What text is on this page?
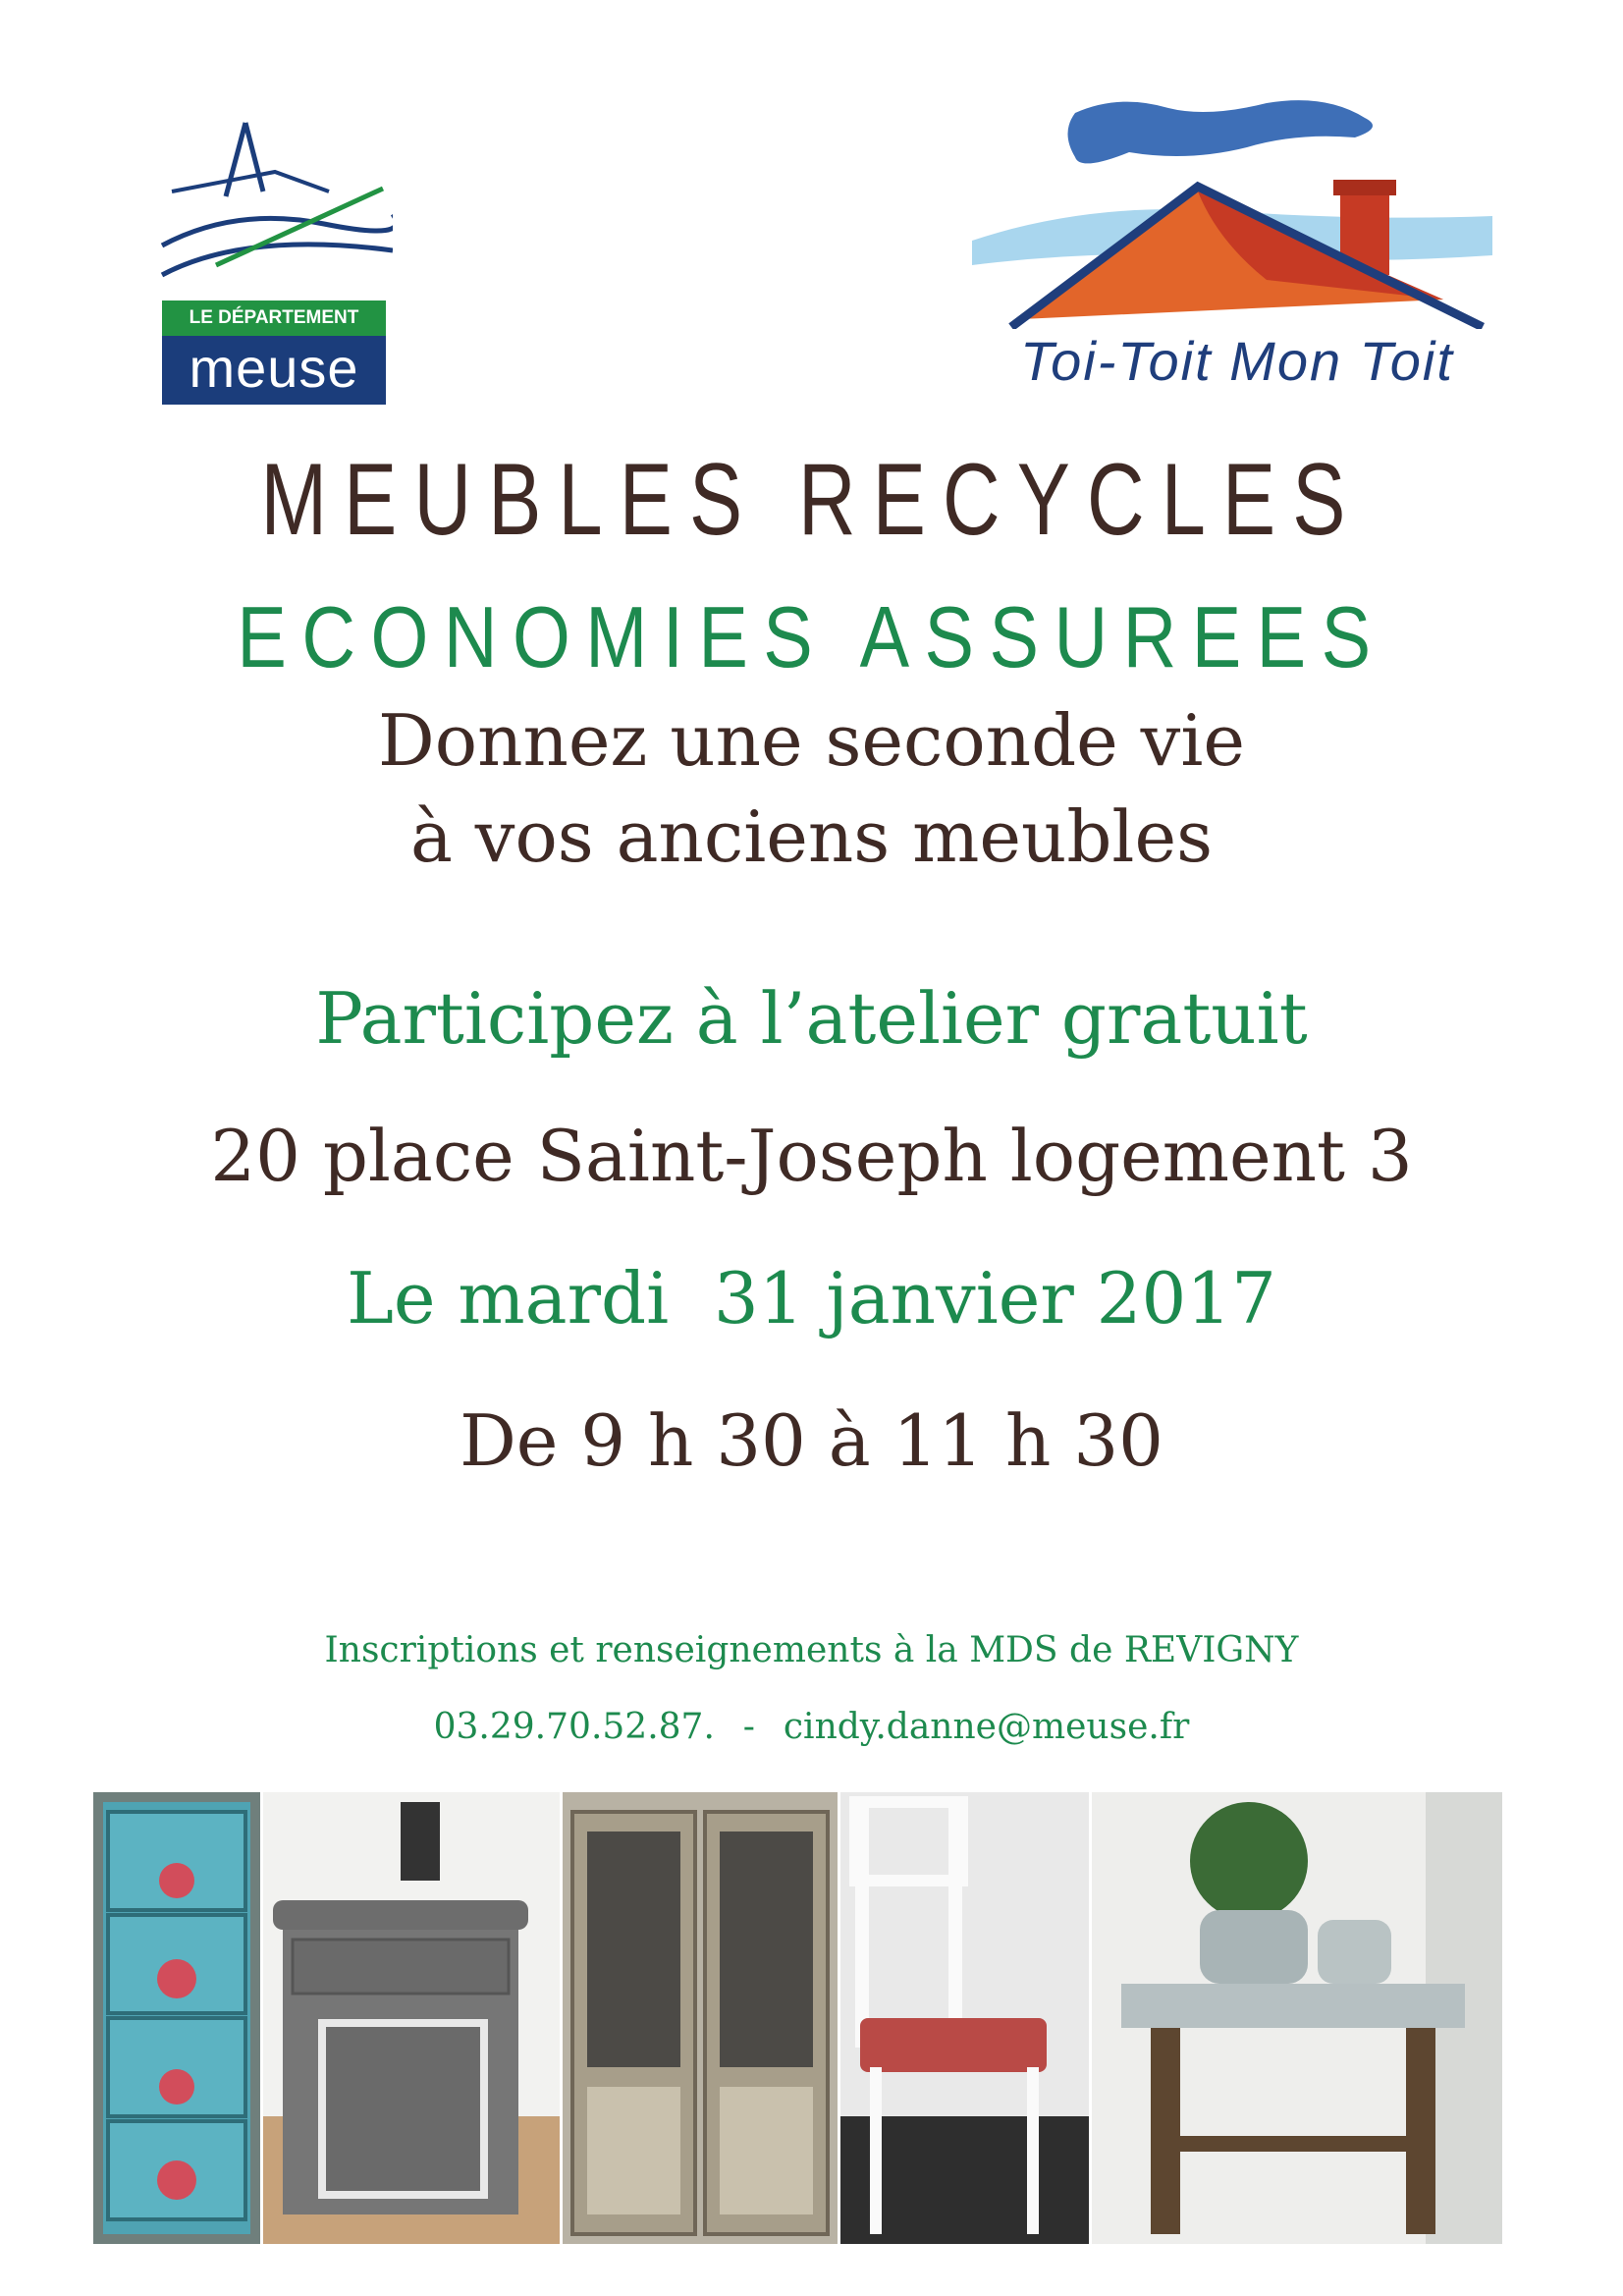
LE DÉPARTEMENT
meuse	Toi-Toit Mon Toit
MEUBLES RECYCLES
ECONOMIES ASSUREES
Donnez une seconde vie
à vos anciens meubles
Participez à l’atelier gratuit
20 place Saint-Joseph logement 3
Le mardi  31 janvier 2017
De 9 h 30 à 11 h 30
Inscriptions et renseignements à la MDS de REVIGNY
03.29.70.52.87. - cindy.danne@meuse.fr
